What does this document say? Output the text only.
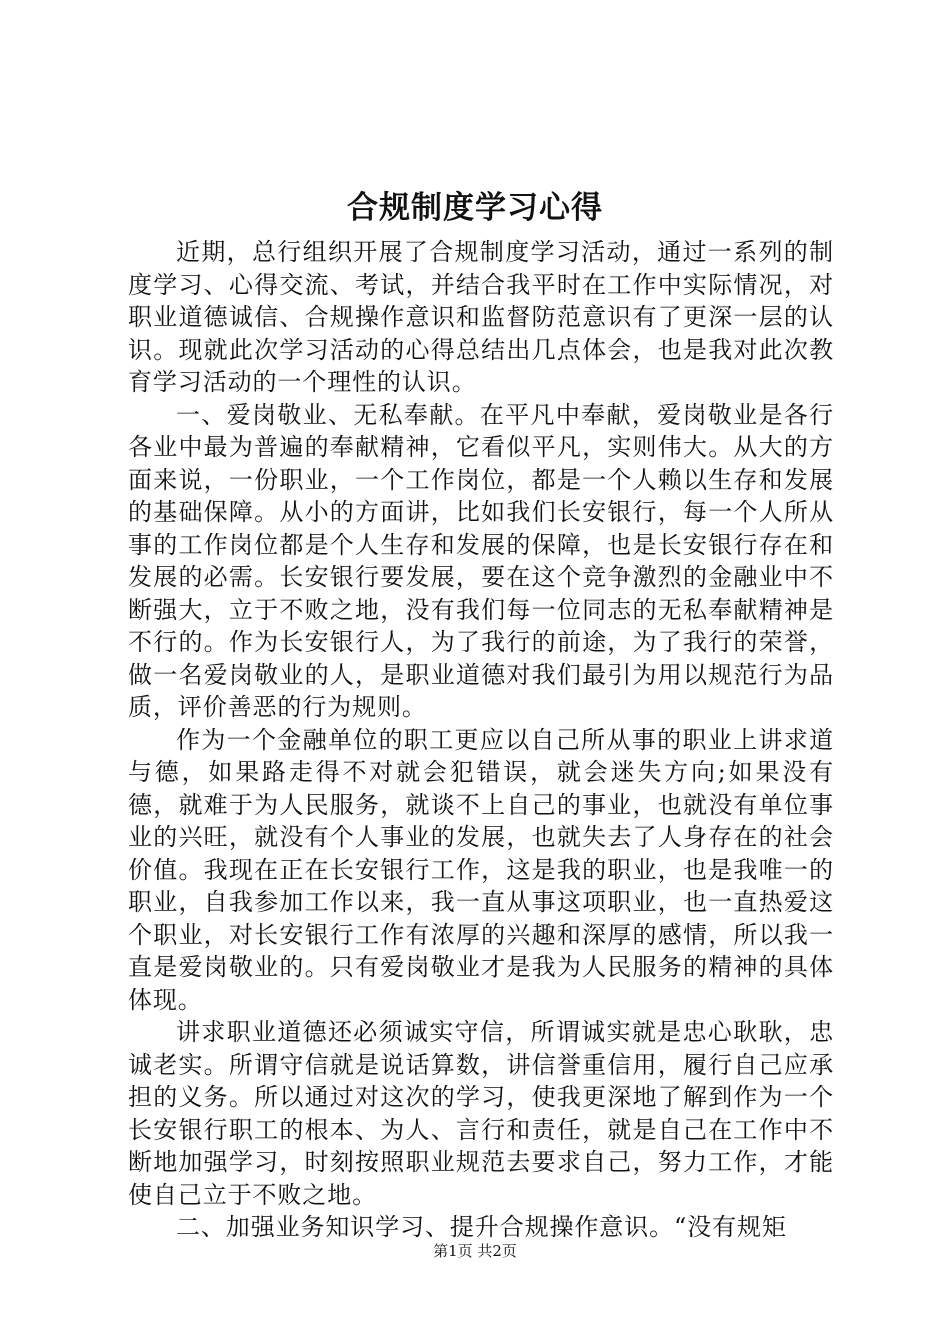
合规制度学习心得

近期，总行组织开展了合规制度学习活动，通过一系列的制度学习、心得交流、考试，并结合我平时在工作中实际情况，对职业道德诚信、合规操作意识和监督防范意识有了更深一层的认识。现就此次学习活动的心得总结出几点体会，也是我对此次教育学习活动的一个理性的认识。

一、爱岗敬业、无私奉献。在平凡中奉献，爱岗敬业是各行各业中最为普遍的奉献精神，它看似平凡，实则伟大。从大的方面来说，一份职业，一个工作岗位，都是一个人赖以生存和发展的基础保障。从小的方面讲，比如我们长安银行，每一个人所从事的工作岗位都是个人生存和发展的保障，也是长安银行存在和发展的必需。长安银行要发展，要在这个竞争激烈的金融业中不断强大，立于不败之地，没有我们每一位同志的无私奉献精神是不行的。作为长安银行人，为了我行的前途，为了我行的荣誉，做一名爱岗敬业的人，是职业道德对我们最引为用以规范行为品质，评价善恶的行为规则。

作为一个金融单位的职工更应以自己所从事的职业上讲求道与德，如果路走得不对就会犯错误，就会迷失方向;如果没有德，就难于为人民服务，就谈不上自己的事业，也就没有单位事业的兴旺，就没有个人事业的发展，也就失去了人身存在的社会价值。我现在正在长安银行工作，这是我的职业，也是我唯一的职业，自我参加工作以来，我一直从事这项职业，也一直热爱这个职业，对长安银行工作有浓厚的兴趣和深厚的感情，所以我一直是爱岗敬业的。只有爱岗敬业才是我为人民服务的精神的具体体现。

讲求职业道德还必须诚实守信，所谓诚实就是忠心耿耿，忠诚老实。所谓守信就是说话算数，讲信誉重信用，履行自己应承担的义务。所以通过对这次的学习，使我更深地了解到作为一个长安银行职工的根本、为人、言行和责任，就是自己在工作中不断地加强学习，时刻按照职业规范去要求自己，努力工作，才能使自己立于不败之地。

二、加强业务知识学习、提升合规操作意识。“没有规矩

第1页 共2页
